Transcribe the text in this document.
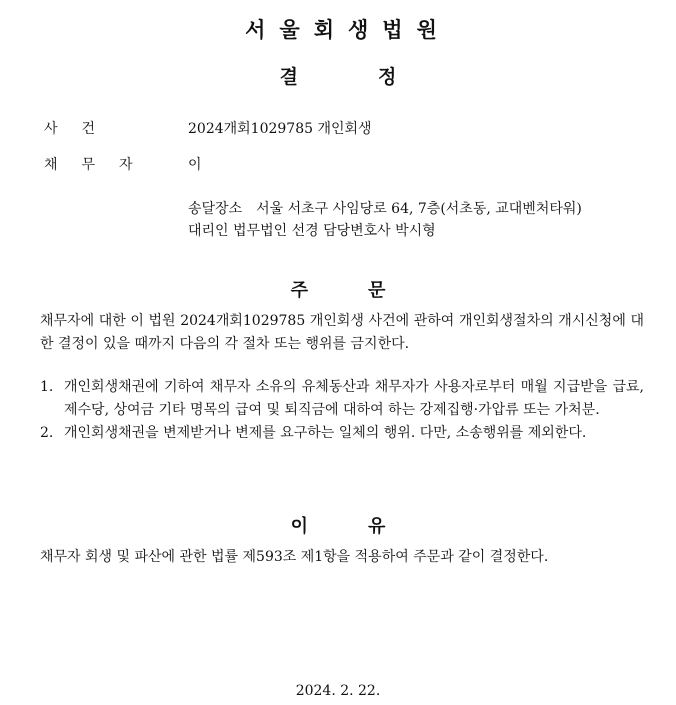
서울회생법원
결	정
사건	2024개회1029785 개인회생
채무자 이
송달장소 서울 서초구 사임당로 64, 7층(서초동, 교대벤처타워)
대리인 법무법인 선경 담당변호사 박시형
주	문
채무자에 대한 이 법원 2024개회1029785 개인회생 사건에 관하여 개인회생절차의 개시신청에 대한 결정이 있을 때까지 다음의 각 절차 또는 행위를 금지한다.
1. 개인회생채권에 기하여 채무자 소유의 유체동산과 채무자가 사용자로부터 매월 지급받을 급료, 제수당, 상여금 기타 명목의 급여 및 퇴직금에 대하여 하는 강제집행·가압류 또는 가처분.
2. 개인회생채권을 변제받거나 변제를 요구하는 일체의 행위. 다만, 소송행위를 제외한다.
이	유
채무자 회생 및 파산에 관한 법률 제593조 제1항을 적용하여 주문과 같이 결정한다.
2024. 2. 22.
